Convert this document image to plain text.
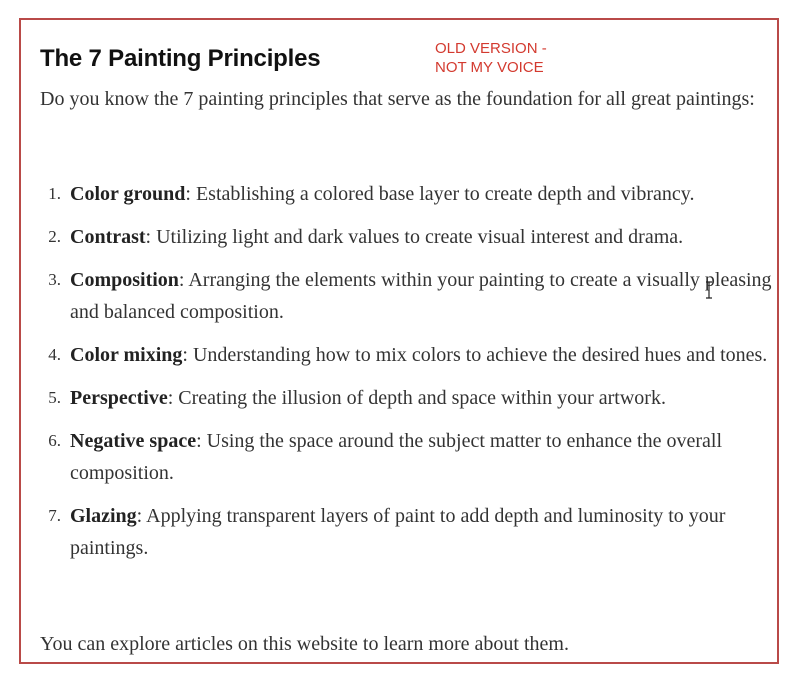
The 7 Painting Principles	OLD VERSION -
NOT MY VOICE

Do you know the 7 painting principles that serve as the foundation for all great paintings:

1. Color ground: Establishing a colored base layer to create depth and vibrancy.
2. Contrast: Utilizing light and dark values to create visual interest and drama.
3. Composition: Arranging the elements within your painting to create a visually pleasing and balanced composition.
4. Color mixing: Understanding how to mix colors to achieve the desired hues and tones.
5. Perspective: Creating the illusion of depth and space within your artwork.
6. Negative space: Using the space around the subject matter to enhance the overall composition.
7. Glazing: Applying transparent layers of paint to add depth and luminosity to your paintings.

You can explore articles on this website to learn more about them.
